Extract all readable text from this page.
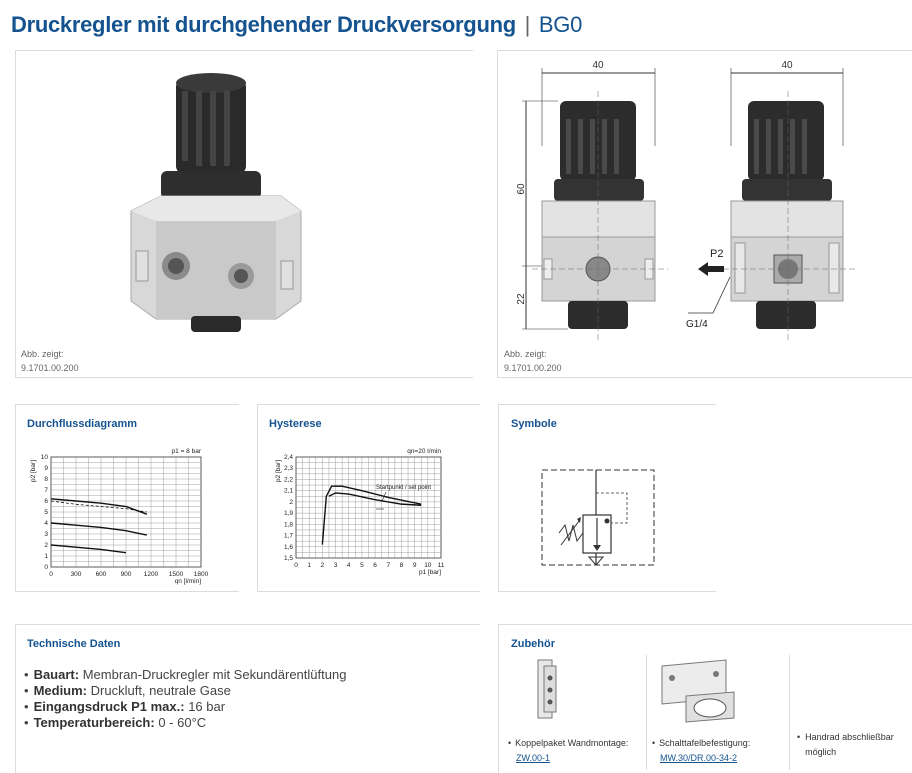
Druckregler mit durchgehender Druckversorgung | BG0
Abb. zeigt:
9.1701.00.200
40	40
60
22
P2
G1/4
Abb. zeigt:
9.1701.00.200
Durchflussdiagramm
0	300 600 900 1200 1500 1800
0
1
2
3
4
5
6
7
8
9
10
qn [l/min]
p2 [bar]
p1 = 8 bar
Hysterese
0 1 2 3 4 5 6 7 8 9 10 11
1,5
1,6
1,7
1,8
1,9
2
2,1
2,2
2,3
2,4
p1 [bar]
p2 [bar]
qn=20 l/min
Startpunkt / set point
Symbole
Technische Daten
• Bauart: Membran-Druckregler mit Sekundärentlüftung
• Medium: Druckluft, neutrale Gase
• Eingangsdruck P1 max.: 16 bar
• Temperaturbereich: 0 - 60°C
Zubehör
• Koppelpaket Wandmontage:
ZW.00-1
• Schalttafelbefestigung:
MW.30/DR.00-34-2
• Handrad abschließbar möglich
